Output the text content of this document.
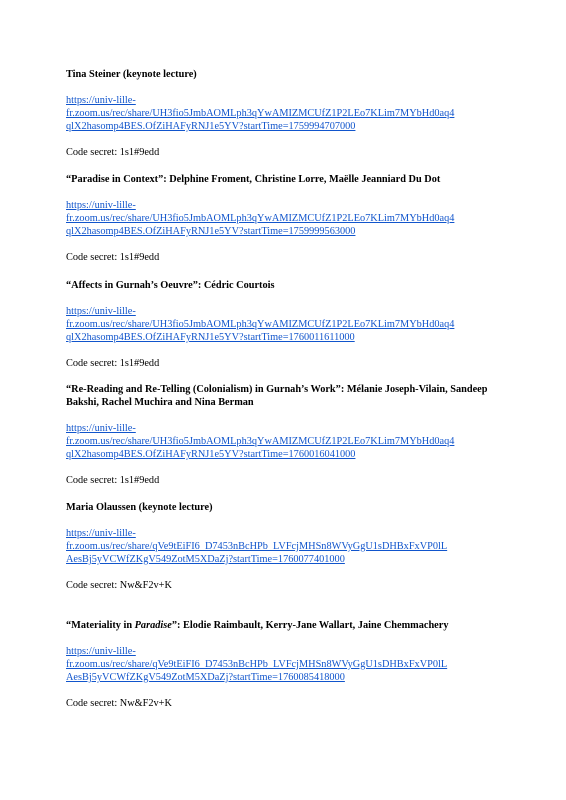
Tina Steiner (keynote lecture)

https://univ-lille-
fr.zoom.us/rec/share/UH3fio5JmbAOMLph3qYwAMIZMCUfZ1P2LEo7KLim7MYbHd0aq4
qlX2hasomp4BES.OfZiHAFyRNJ1e5YV?startTime=1759994707000
Code secret: 1s1#9edd

“Paradise in Context”: Delphine Froment, Christine Lorre, Maëlle Jeanniard Du Dot

https://univ-lille-
fr.zoom.us/rec/share/UH3fio5JmbAOMLph3qYwAMIZMCUfZ1P2LEo7KLim7MYbHd0aq4
qlX2hasomp4BES.OfZiHAFyRNJ1e5YV?startTime=1759999563000
Code secret: 1s1#9edd

“Affects in Gurnah’s Oeuvre”: Cédric Courtois

https://univ-lille-
fr.zoom.us/rec/share/UH3fio5JmbAOMLph3qYwAMIZMCUfZ1P2LEo7KLim7MYbHd0aq4
qlX2hasomp4BES.OfZiHAFyRNJ1e5YV?startTime=1760011611000
Code secret: 1s1#9edd

“Re-Reading and Re-Telling (Colonialism) in Gurnah’s Work”: Mélanie Joseph-Vilain, Sandeep Bakshi, Rachel Muchira and Nina Berman

https://univ-lille-
fr.zoom.us/rec/share/UH3fio5JmbAOMLph3qYwAMIZMCUfZ1P2LEo7KLim7MYbHd0aq4
qlX2hasomp4BES.OfZiHAFyRNJ1e5YV?startTime=1760016041000
Code secret: 1s1#9edd

Maria Olaussen (keynote lecture)

https://univ-lille-
fr.zoom.us/rec/share/qVe9tEiFI6_D7453nBcHPb_LVFcjMHSn8WVyGgU1sDHBxFxVP0lL
AesBj5yVCWfZKgV549ZotM5XDaZj?startTime=1760077401000
Code secret: Nw&F2v+K

“Materiality in Paradise”: Elodie Raimbault, Kerry-Jane Wallart, Jaine Chemmachery

https://univ-lille-
fr.zoom.us/rec/share/qVe9tEiFI6_D7453nBcHPb_LVFcjMHSn8WVyGgU1sDHBxFxVP0lL
AesBj5yVCWfZKgV549ZotM5XDaZj?startTime=1760085418000
Code secret: Nw&F2v+K
